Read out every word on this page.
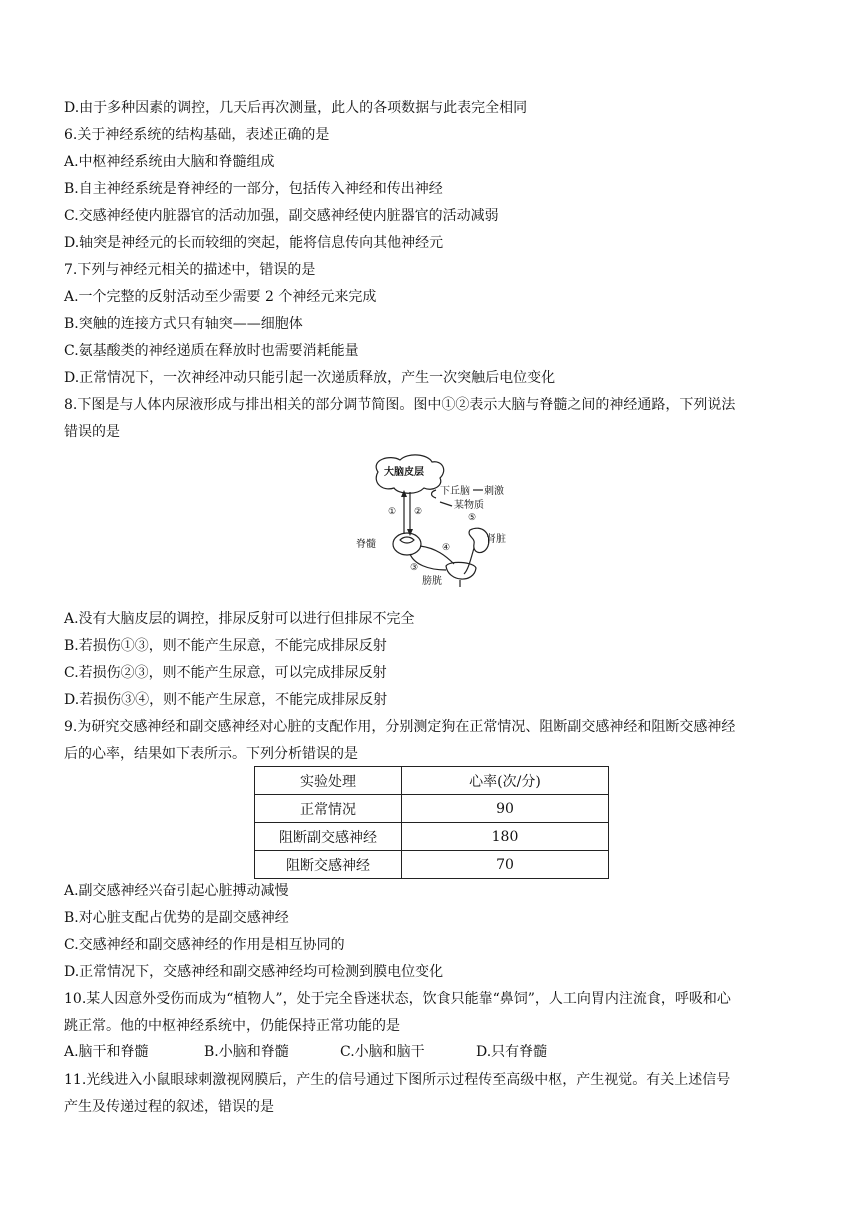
D.由于多种因素的调控，几天后再次测量，此人的各项数据与此表完全相同
6.关于神经系统的结构基础，表述正确的是
A.中枢神经系统由大脑和脊髓组成
B.自主神经系统是脊神经的一部分，包括传入神经和传出神经
C.交感神经使内脏器官的活动加强，副交感神经使内脏器官的活动减弱
D.轴突是神经元的长而较细的突起，能将信息传向其他神经元
7.下列与神经元相关的描述中，错误的是
A.一个完整的反射活动至少需要 2 个神经元来完成
B.突触的连接方式只有轴突——细胞体
C.氨基酸类的神经递质在释放时也需要消耗能量
D.正常情况下，一次神经冲动只能引起一次递质释放，产生一次突触后电位变化
8.下图是与人体内尿液形成与排出相关的部分调节简图。图中①②表示大脑与脊髓之间的神经通路，下列说法
错误的是
大脑皮层
下丘脑 刺激
某物质
⑤
① ②
脊髓
③
④
肾脏
膀胱
A.没有大脑皮层的调控，排尿反射可以进行但排尿不完全
B.若损伤①③，则不能产生尿意，不能完成排尿反射
C.若损伤②③，则不能产生尿意，可以完成排尿反射
D.若损伤③④，则不能产生尿意，不能完成排尿反射
9.为研究交感神经和副交感神经对心脏的支配作用，分别测定狗在正常情况、阻断副交感神经和阻断交感神经
后的心率，结果如下表所示。下列分析错误的是
实验处理	心率(次/分)
正常情况	90
阻断副交感神经	180
阻断交感神经	70
A.副交感神经兴奋引起心脏搏动减慢
B.对心脏支配占优势的是副交感神经
C.交感神经和副交感神经的作用是相互协同的
D.正常情况下，交感神经和副交感神经均可检测到膜电位变化
10.某人因意外受伤而成为“植物人”，处于完全昏迷状态，饮食只能靠“鼻饲”，人工向胃内注流食，呼吸和心
跳正常。他的中枢神经系统中，仍能保持正常功能的是
A.脑干和脊髓	B.小脑和脊髓	C.小脑和脑干	D.只有脊髓
11.光线进入小鼠眼球刺激视网膜后，产生的信号通过下图所示过程传至高级中枢，产生视觉。有关上述信号
产生及传递过程的叙述，错误的是
